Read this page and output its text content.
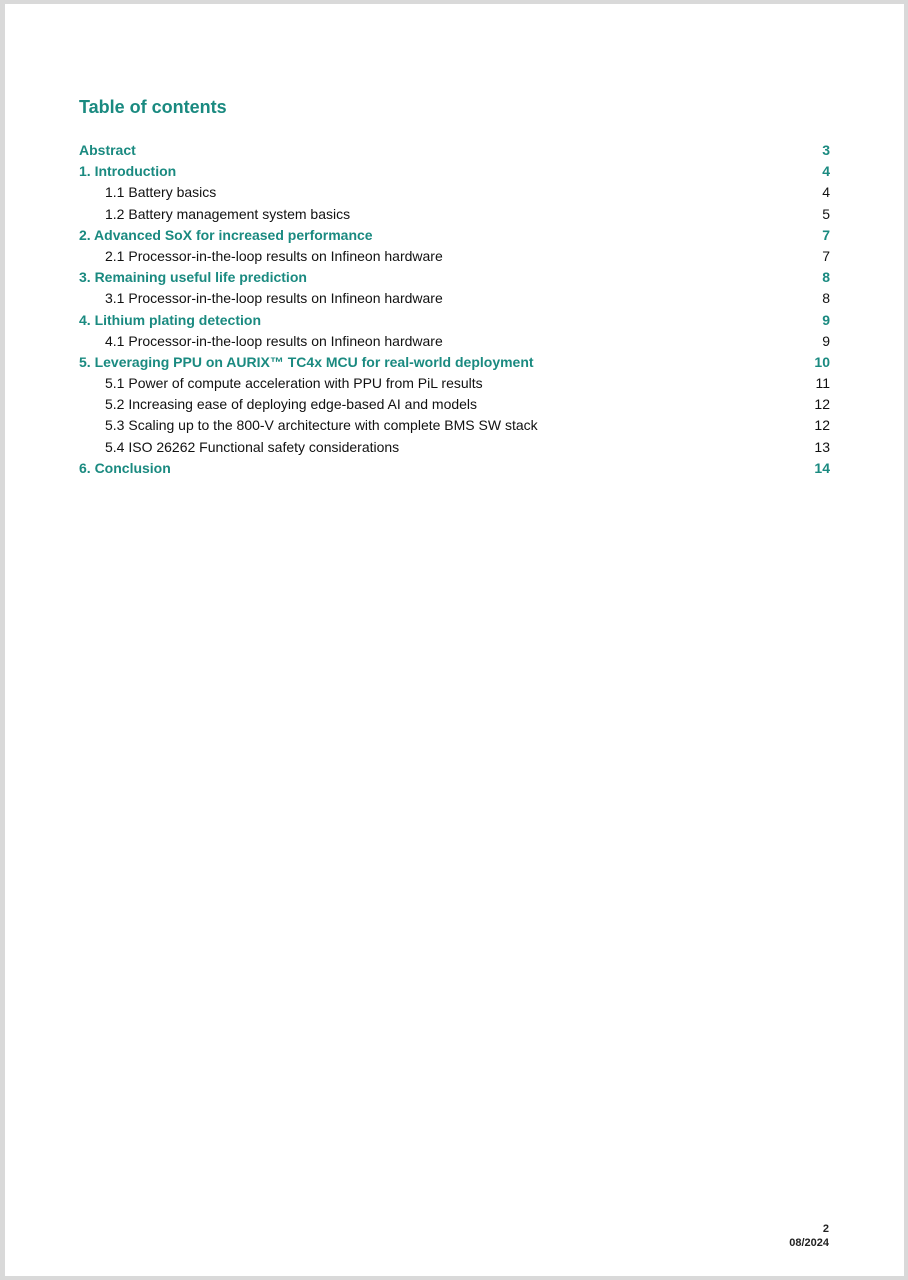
Table of contents
Abstract	3
1. Introduction	4
1.1 Battery basics	4
1.2 Battery management system basics	5
2. Advanced SoX for increased performance	7
2.1 Processor-in-the-loop results on Infineon hardware	7
3. Remaining useful life prediction	8
3.1 Processor-in-the-loop results on Infineon hardware	8
4. Lithium plating detection	9
4.1 Processor-in-the-loop results on Infineon hardware	9
5. Leveraging PPU on AURIX™ TC4x MCU for real-world deployment	10
5.1 Power of compute acceleration with PPU from PiL results	11
5.2 Increasing ease of deploying edge-based AI and models	12
5.3 Scaling up to the 800-V architecture with complete BMS SW stack	12
5.4 ISO 26262 Functional safety considerations	13
6. Conclusion	14
2
08/2024
